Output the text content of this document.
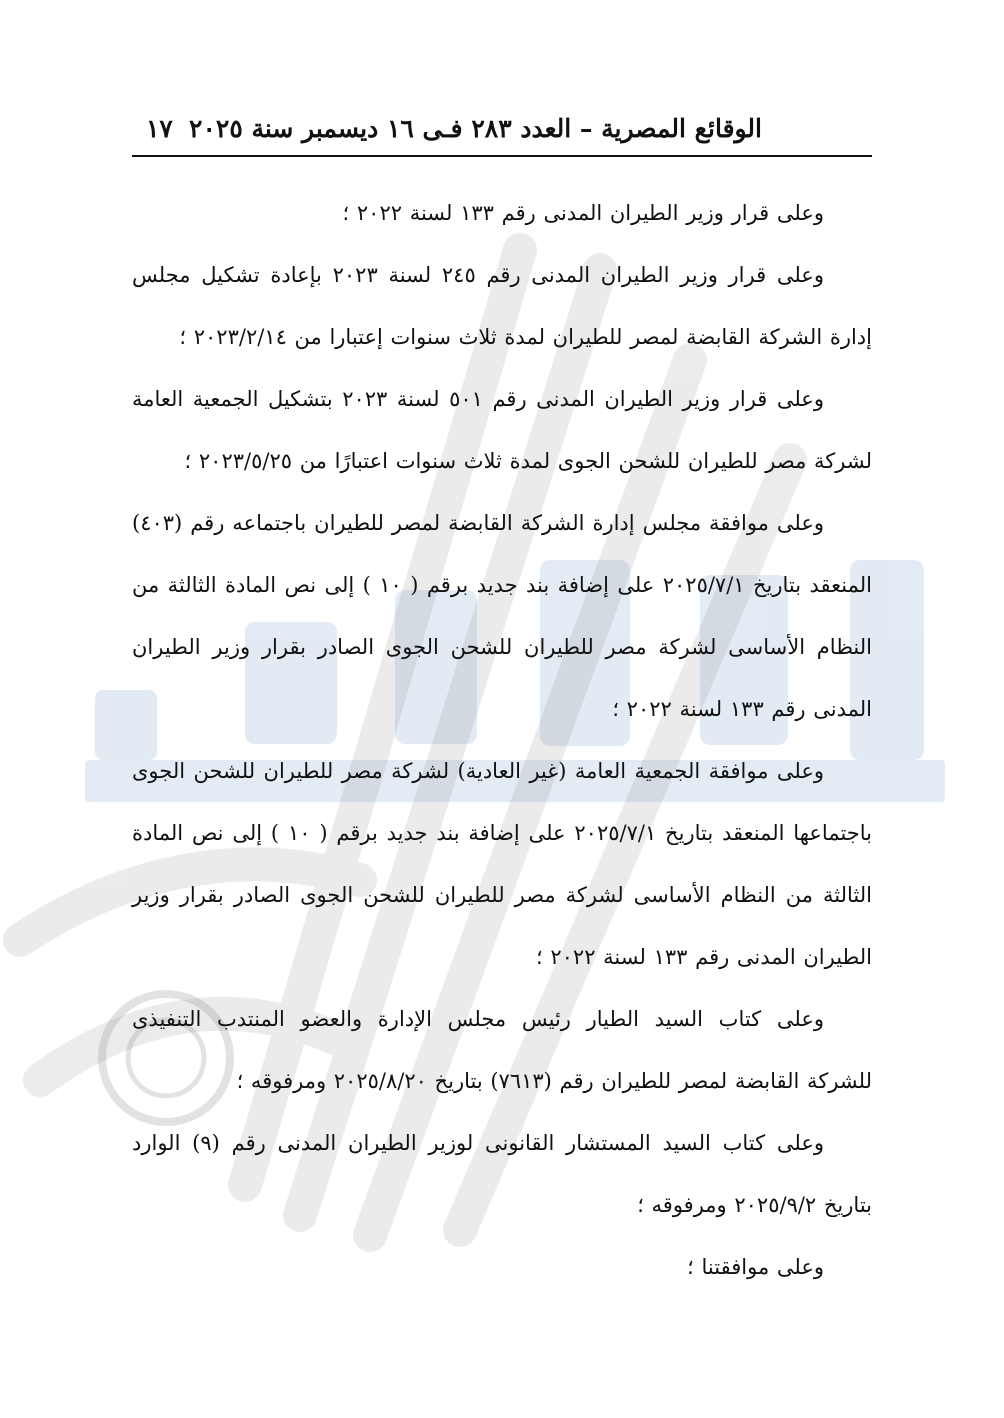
الوقائع المصرية – العدد ٢٨٣ فـى ١٦ ديسمبر سنة ٢٠٢٥
١٧

وعلى قرار وزير الطيران المدنى رقم ١٣٣ لسنة ٢٠٢٢ ؛

وعلى قرار وزير الطيران المدنى رقم ٢٤٥ لسنة ٢٠٢٣ بإعادة تشكيل مجلس إدارة الشركة القابضة لمصر للطيران لمدة ثلاث سنوات إعتبارا من ٢٠٢٣/٢/١٤ ؛

وعلى قرار وزير الطيران المدنى رقم ٥٠١ لسنة ٢٠٢٣ بتشكيل الجمعية العامة لشركة مصر للطيران للشحن الجوى لمدة ثلاث سنوات اعتبارًا من ٢٠٢٣/٥/٢٥ ؛

وعلى موافقة مجلس إدارة الشركة القابضة لمصر للطيران باجتماعه رقم (٤٠٣) المنعقد بتاريخ ٢٠٢٥/٧/١ على إضافة بند جديد برقم ( ١٠ ) إلى نص المادة الثالثة من النظام الأساسى لشركة مصر للطيران للشحن الجوى الصادر بقرار وزير الطيران المدنى رقم ١٣٣ لسنة ٢٠٢٢ ؛

وعلى موافقة الجمعية العامة (غير العادية) لشركة مصر للطيران للشحن الجوى باجتماعها المنعقد بتاريخ ٢٠٢٥/٧/١ على إضافة بند جديد برقم ( ١٠ ) إلى نص المادة الثالثة من النظام الأساسى لشركة مصر للطيران للشحن الجوى الصادر بقرار وزير الطيران المدنى رقم ١٣٣ لسنة ٢٠٢٢ ؛

وعلى كتاب السيد الطيار رئيس مجلس الإدارة والعضو المنتدب التنفيذى للشركة القابضة لمصر للطيران رقم (٧٦١٣) بتاريخ ٢٠٢٥/٨/٢٠ ومرفوقه ؛

وعلى كتاب السيد المستشار القانونى لوزير الطيران المدنى رقم (٩) الوارد بتاريخ ٢٠٢٥/٩/٢ ومرفوقه ؛

وعلى موافقتنا ؛
